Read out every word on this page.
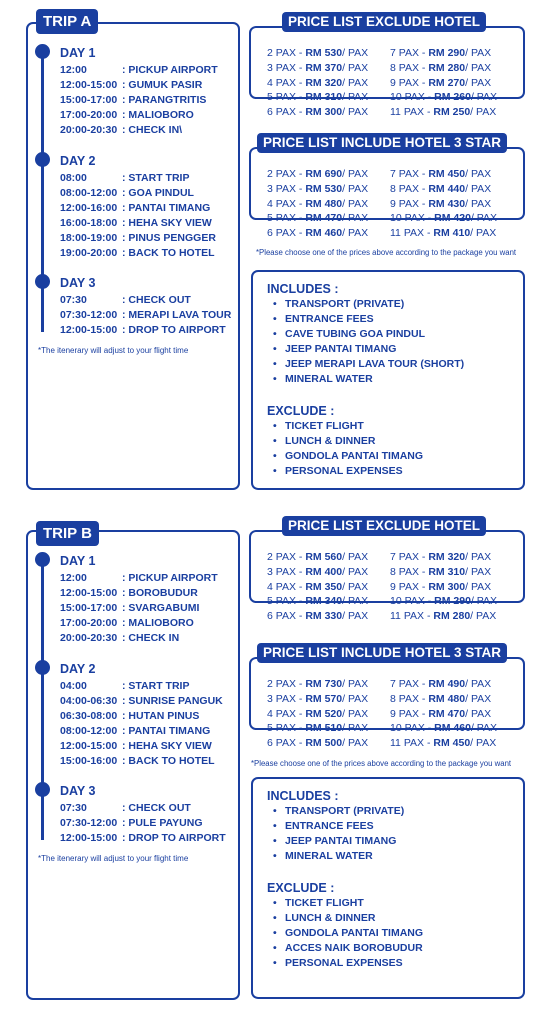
TRIP A
DAY 1
12:00	: PICKUP AIRPORT
12:00-15:00 : GUMUK PASIR
15:00-17:00 : PARANGTRITIS
17:00-20:00 : MALIOBORO
20:00-20:30 : CHECK IN\
DAY 2
08:00	: START TRIP
08:00-12:00 : GOA PINDUL
12:00-16:00 : PANTAI TIMANG
16:00-18:00 : HEHA SKY VIEW
18:00-19:00 : PINUS PENGGER
19:00-20:00 : BACK TO HOTEL
DAY 3
07:30	: CHECK OUT
07:30-12:00 : MERAPI LAVA TOUR
12:00-15:00 : DROP TO AIRPORT
*The itenerary will adjust to your flight time
PRICE LIST EXCLUDE HOTEL
2 PAX - RM 530/ PAX	7 PAX - RM 290/ PAX
3 PAX - RM 370/ PAX	8 PAX - RM 280/ PAX
4 PAX - RM 320/ PAX	9 PAX - RM 270/ PAX
5 PAX - RM 310/ PAX	10 PAX - RM 260/ PAX
6 PAX - RM 300/ PAX	11 PAX - RM 250/ PAX
PRICE LIST INCLUDE HOTEL 3 STAR
2 PAX - RM 690/ PAX	7 PAX - RM 450/ PAX
3 PAX - RM 530/ PAX	8 PAX - RM 440/ PAX
4 PAX - RM 480/ PAX	9 PAX - RM 430/ PAX
5 PAX - RM 470/ PAX	10 PAX - RM 420/ PAX
6 PAX - RM 460/ PAX	11 PAX - RM 410/ PAX
*Please choose one of the prices above according to the package you want
INCLUDES :
• TRANSPORT (PRIVATE)
• ENTRANCE FEES
• CAVE TUBING GOA PINDUL
• JEEP PANTAI TIMANG
• JEEP MERAPI LAVA TOUR (SHORT)
• MINERAL WATER
EXCLUDE :
• TICKET FLIGHT
• LUNCH & DINNER
• GONDOLA PANTAI TIMANG
• PERSONAL EXPENSES
TRIP B
DAY 1
12:00	: PICKUP AIRPORT
12:00-15:00 : BOROBUDUR
15:00-17:00 : SVARGABUMI
17:00-20:00 : MALIOBORO
20:00-20:30 : CHECK IN
DAY 2
04:00	: START TRIP
04:00-06:30 : SUNRISE PANGUK
06:30-08:00 : HUTAN PINUS
08:00-12:00 : PANTAI TIMANG
12:00-15:00 : HEHA SKY VIEW
15:00-16:00 : BACK TO HOTEL
DAY 3
07:30	: CHECK OUT
07:30-12:00 : PULE PAYUNG
12:00-15:00 : DROP TO AIRPORT
*The itenerary will adjust to your flight time
PRICE LIST EXCLUDE HOTEL
2 PAX - RM 560/ PAX	7 PAX - RM 320/ PAX
3 PAX - RM 400/ PAX	8 PAX - RM 310/ PAX
4 PAX - RM 350/ PAX	9 PAX - RM 300/ PAX
5 PAX - RM 340/ PAX	10 PAX - RM 290/ PAX
6 PAX - RM 330/ PAX	11 PAX - RM 280/ PAX
PRICE LIST INCLUDE HOTEL 3 STAR
2 PAX - RM 730/ PAX	7 PAX - RM 490/ PAX
3 PAX - RM 570/ PAX	8 PAX - RM 480/ PAX
4 PAX - RM 520/ PAX	9 PAX - RM 470/ PAX
5 PAX - RM 510/ PAX	10 PAX - RM 460/ PAX
6 PAX - RM 500/ PAX	11 PAX - RM 450/ PAX
*Please choose one of the prices above according to the package you want
INCLUDES :
• TRANSPORT (PRIVATE)
• ENTRANCE FEES
• JEEP PANTAI TIMANG
• MINERAL WATER
EXCLUDE :
• TICKET FLIGHT
• LUNCH & DINNER
• GONDOLA PANTAI TIMANG
• ACCES NAIK BOROBUDUR
• PERSONAL EXPENSES
